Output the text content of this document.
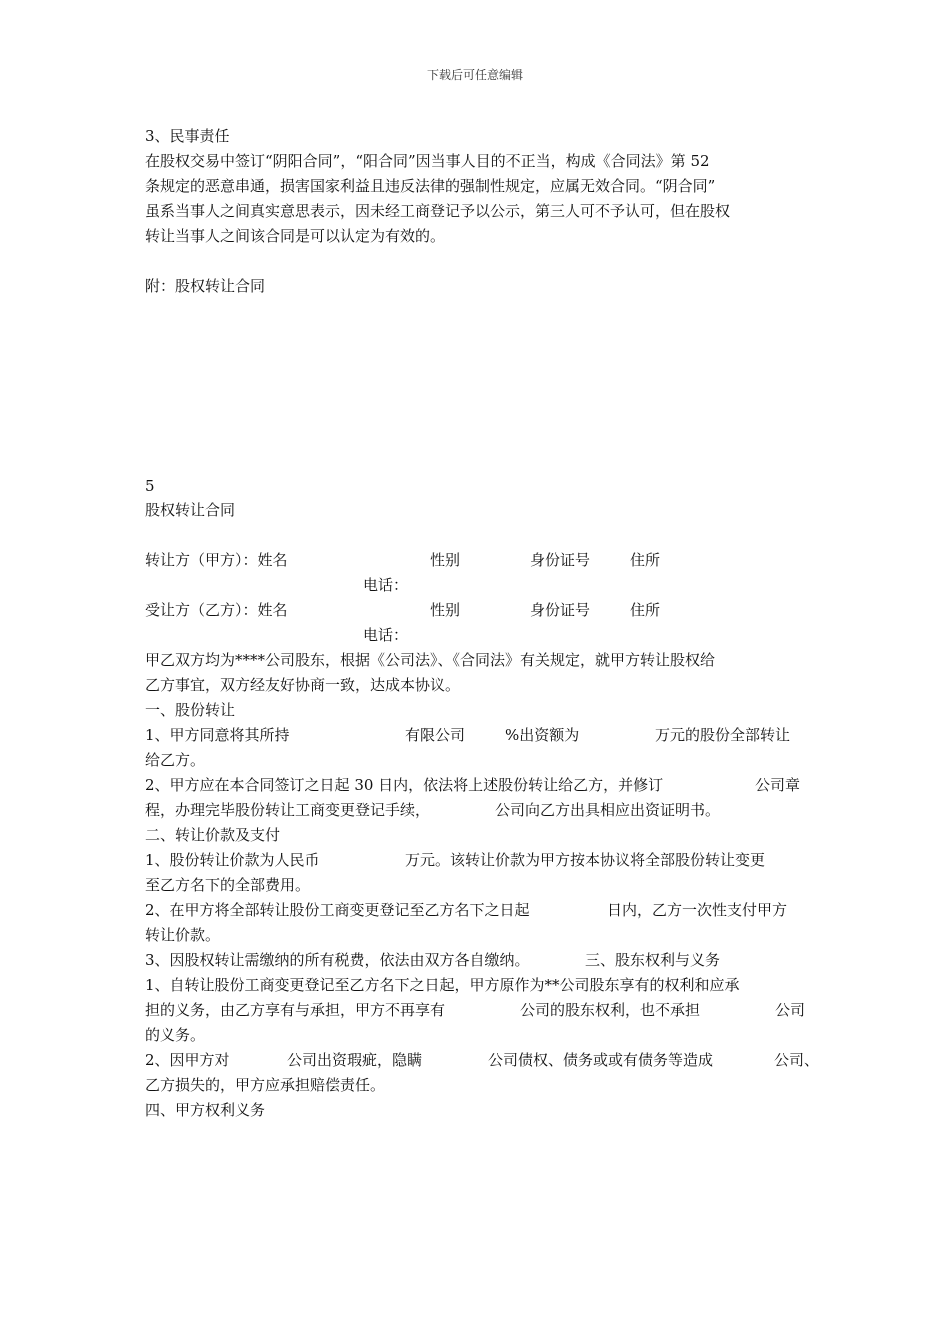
下载后可任意编辑
3、民事责任
在股权交易中签订“阴阳合同”，“阳合同”因当事人目的不正当，构成《合同法》第 52
条规定的恶意串通，损害国家利益且违反法律的强制性规定，应属无效合同。“阴合同”
虽系当事人之间真实意思表示，因未经工商登记予以公示，第三人可不予认可，但在股权
转让当事人之间该合同是可以认定为有效的。
附：股权转让合同
5
股权转让合同
转让方（甲方）：姓名	性别	身份证号	住所
电话：
受让方（乙方）：姓名	性别	身份证号	住所
电话：
甲乙双方均为****公司股东，根据《公司法》、《合同法》有关规定，就甲方转让股权给
乙方事宜，双方经友好协商一致，达成本协议。
一、股份转让
1、甲方同意将其所持	有限公司	%出资额为	万元的股份全部转让
给乙方。
2、甲方应在本合同签订之日起 30 日内，依法将上述股份转让给乙方，并修订	公司章
程，办理完毕股份转让工商变更登记手续，	公司向乙方出具相应出资证明书。
二、转让价款及支付
1、股份转让价款为人民币	万元。该转让价款为甲方按本协议将全部股份转让变更
至乙方名下的全部费用。
2、在甲方将全部转让股份工商变更登记至乙方名下之日起	日内，乙方一次性支付甲方
转让价款。
3、因股权转让需缴纳的所有税费，依法由双方各自缴纳。	三、股东权利与义务
1、自转让股份工商变更登记至乙方名下之日起，甲方原作为**公司股东享有的权利和应承
担的义务，由乙方享有与承担，甲方不再享有	公司的股东权利，也不承担	公司
的义务。
2、因甲方对	公司出资瑕疵，隐瞒	公司债权、债务或或有债务等造成	公司、
乙方损失的，甲方应承担赔偿责任。
四、甲方权利义务
